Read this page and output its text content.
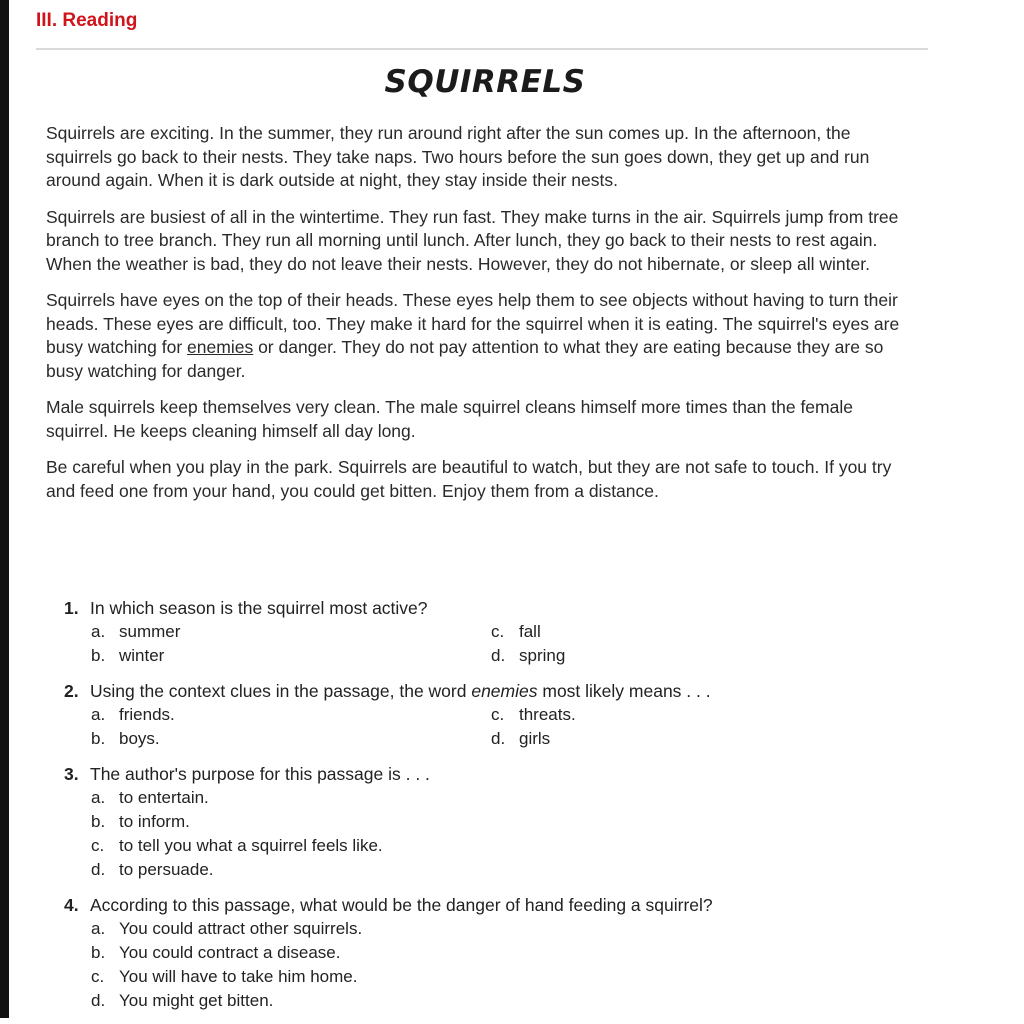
III. Reading
SQUIRRELS

Squirrels are exciting. In the summer, they run around right after the sun comes up. In the afternoon, the squirrels go back to their nests. They take naps. Two hours before the sun goes down, they get up and run around again. When it is dark outside at night, they stay inside their nests.

Squirrels are busiest of all in the wintertime. They run fast. They make turns in the air. Squirrels jump from tree branch to tree branch. They run all morning until lunch. After lunch, they go back to their nests to rest again. When the weather is bad, they do not leave their nests. However, they do not hibernate, or sleep all winter.

Squirrels have eyes on the top of their heads. These eyes help them to see objects without having to turn their heads. These eyes are difficult, too. They make it hard for the squirrel when it is eating. The squirrel's eyes are busy watching for enemies or danger. They do not pay attention to what they are eating because they are so busy watching for danger.

Male squirrels keep themselves very clean. The male squirrel cleans himself more times than the female squirrel. He keeps cleaning himself all day long.

Be careful when you play in the park. Squirrels are beautiful to watch, but they are not safe to touch. If you try and feed one from your hand, you could get bitten. Enjoy them from a distance.

1. In which season is the squirrel most active?
a. summer	c. fall
b. winter	d. spring
2. Using the context clues in the passage, the word enemies most likely means . . .
a. friends.	c. threats.
b. boys.	d. girls
3. The author's purpose for this passage is . . .
a. to entertain.
b. to inform.
c. to tell you what a squirrel feels like.
d. to persuade.
4. According to this passage, what would be the danger of hand feeding a squirrel?
a. You could attract other squirrels.
b. You could contract a disease.
c. You will have to take him home.
d. You might get bitten.
